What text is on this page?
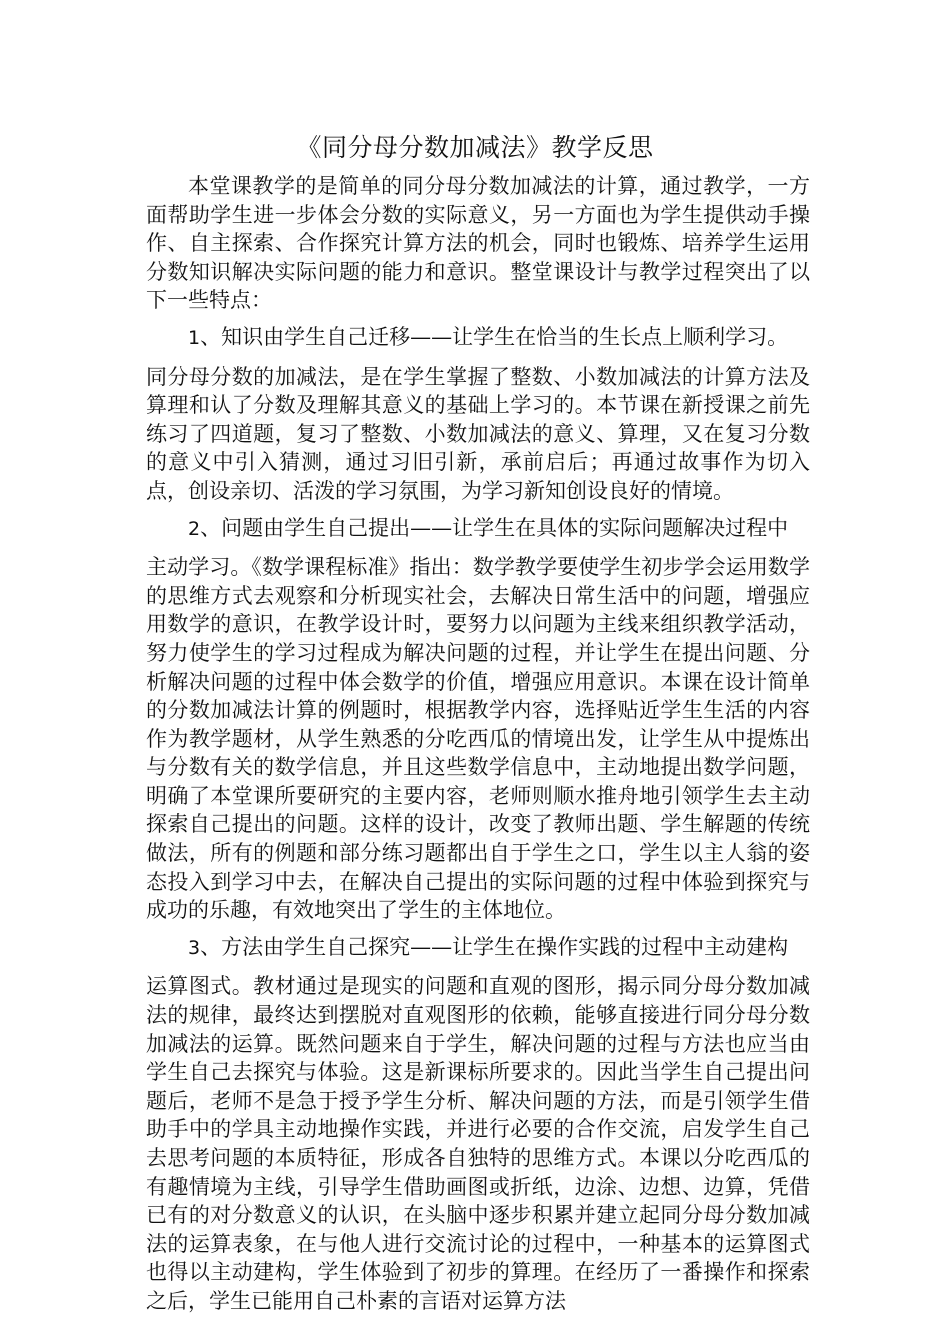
《同分母分数加减法》教学反思

本堂课教学的是简单的同分母分数加减法的计算，通过教学，一方面帮助学生进一步体会分数的实际意义，另一方面也为学生提供动手操作、自主探索、合作探究计算方法的机会，同时也锻炼、培养学生运用分数知识解决实际问题的能力和意识。整堂课设计与教学过程突出了以下一些特点：

1、知识由学生自己迁移——让学生在恰当的生长点上顺利学习。

同分母分数的加减法，是在学生掌握了整数、小数加减法的计算方法及算理和认了分数及理解其意义的基础上学习的。本节课在新授课之前先练习了四道题，复习了整数、小数加减法的意义、算理，又在复习分数的意义中引入猜测，通过习旧引新，承前启后；再通过故事作为切入点，创设亲切、活泼的学习氛围，为学习新知创设良好的情境。

2、问题由学生自己提出——让学生在具体的实际问题解决过程中

主动学习。《数学课程标准》指出：数学教学要使学生初步学会运用数学的思维方式去观察和分析现实社会，去解决日常生活中的问题，增强应用数学的意识，在教学设计时，要努力以问题为主线来组织教学活动，努力使学生的学习过程成为解决问题的过程，并让学生在提出问题、分析解决问题的过程中体会数学的价值，增强应用意识。本课在设计简单的分数加减法计算的例题时，根据教学内容，选择贴近学生生活的内容作为教学题材，从学生熟悉的分吃西瓜的情境出发，让学生从中提炼出与分数有关的数学信息，并且这些数学信息中，主动地提出数学问题，明确了本堂课所要研究的主要内容，老师则顺水推舟地引领学生去主动探索自己提出的问题。这样的设计，改变了教师出题、学生解题的传统做法，所有的例题和部分练习题都出自于学生之口，学生以主人翁的姿态投入到学习中去，在解决自己提出的实际问题的过程中体验到探究与成功的乐趣，有效地突出了学生的主体地位。

3、方法由学生自己探究——让学生在操作实践的过程中主动建构

运算图式。教材通过是现实的问题和直观的图形，揭示同分母分数加减法的规律，最终达到摆脱对直观图形的依赖，能够直接进行同分母分数加减法的运算。既然问题来自于学生，解决问题的过程与方法也应当由学生自己去探究与体验。这是新课标所要求的。因此当学生自己提出问题后，老师不是急于授予学生分析、解决问题的方法，而是引领学生借助手中的学具主动地操作实践，并进行必要的合作交流，启发学生自己去思考问题的本质特征，形成各自独特的思维方式。本课以分吃西瓜的有趣情境为主线，引导学生借助画图或折纸，边涂、边想、边算，凭借已有的对分数意义的认识，在头脑中逐步积累并建立起同分母分数加减法的运算表象，在与他人进行交流讨论的过程中，一种基本的运算图式也得以主动建构，学生体验到了初步的算理。在经历了一番操作和探索之后，学生已能用自己朴素的言语对运算方法
